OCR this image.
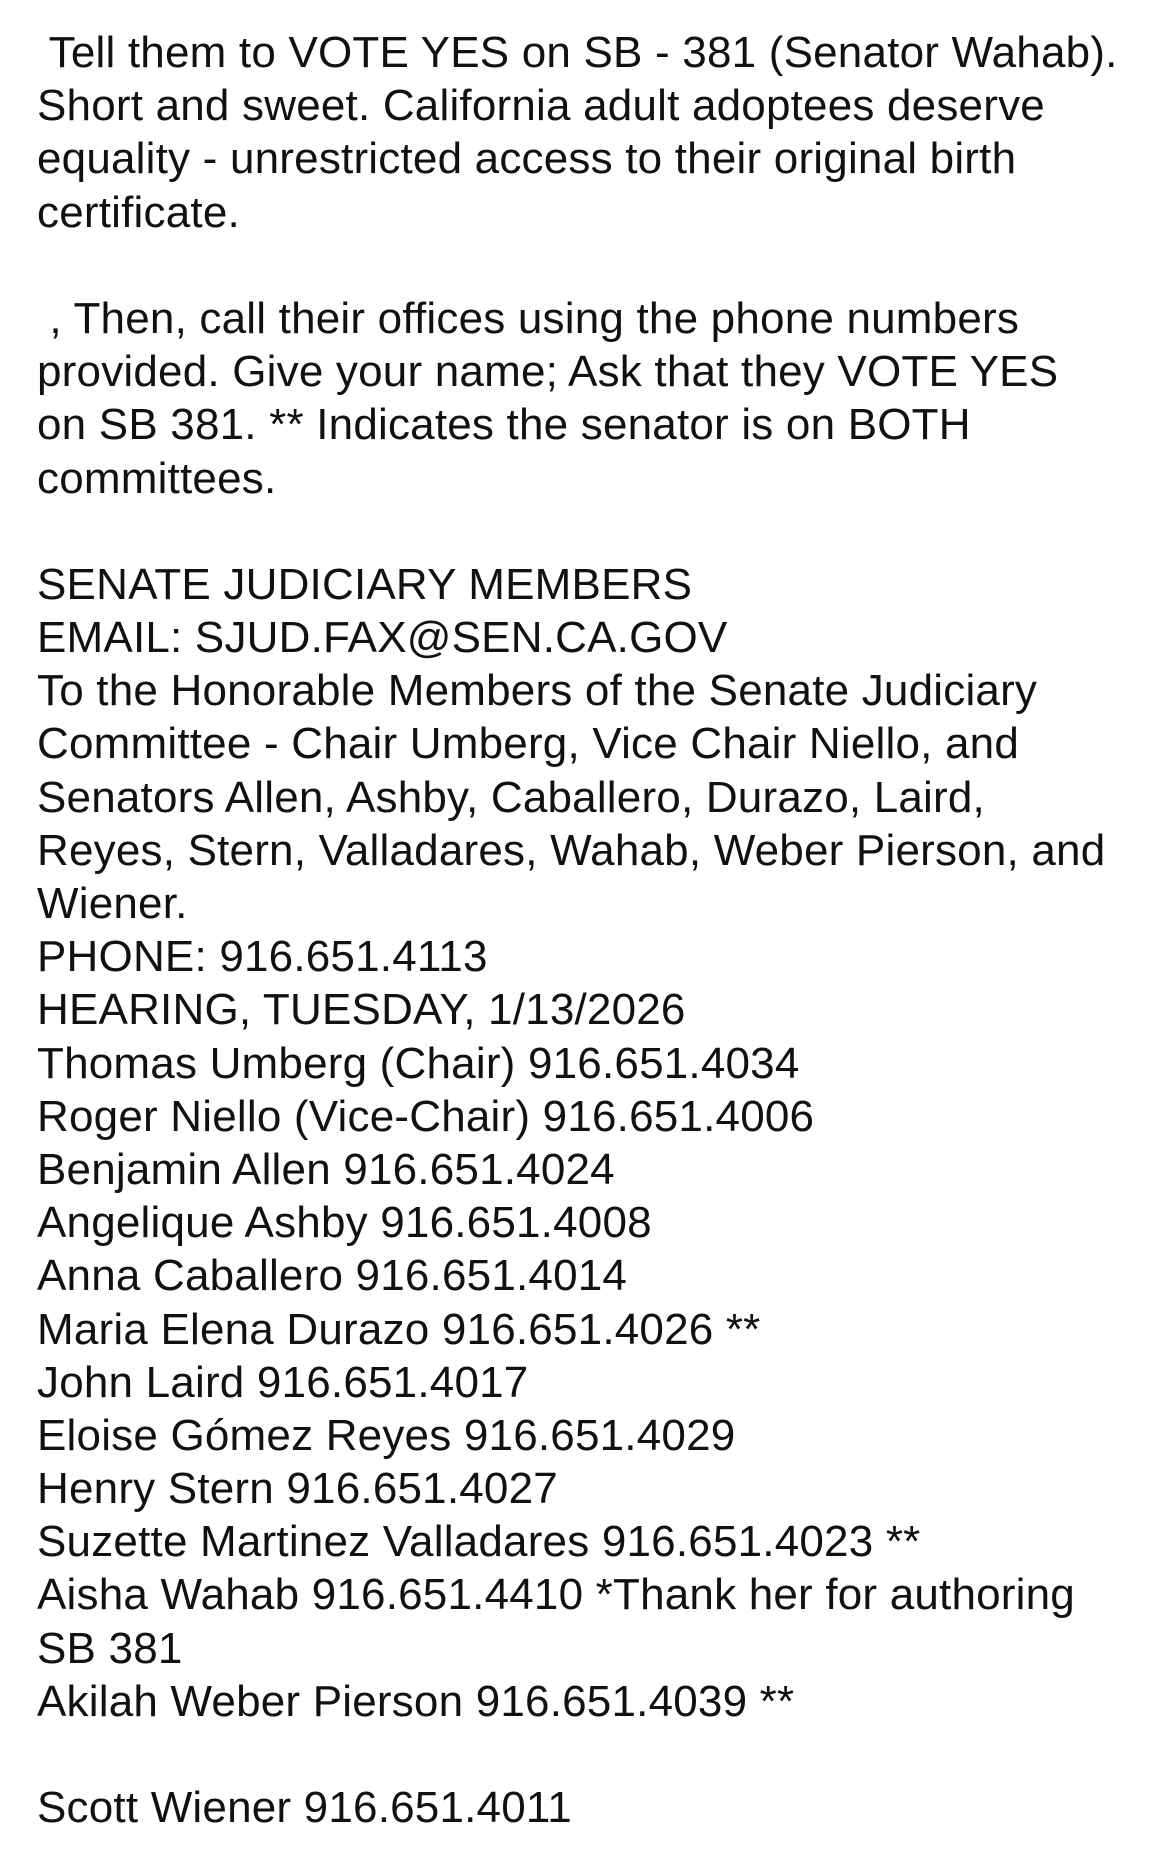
Tell them to VOTE YES on SB - 381 (Senator Wahab).
Short and sweet. California adult adoptees deserve
equality - unrestricted access to their original birth
certificate.
, Then, call their offices using the phone numbers
provided. Give your name; Ask that they VOTE YES
on SB 381. ** Indicates the senator is on BOTH
committees.
SENATE JUDICIARY MEMBERS
EMAIL: SJUD.FAX@SEN.CA.GOV
To the Honorable Members of the Senate Judiciary
Committee - Chair Umberg, Vice Chair Niello, and
Senators Allen, Ashby, Caballero, Durazo, Laird,
Reyes, Stern, Valladares, Wahab, Weber Pierson, and
Wiener.
PHONE: 916.651.4113
HEARING, TUESDAY, 1/13/2026
Thomas Umberg (Chair) 916.651.4034
Roger Niello (Vice-Chair) 916.651.4006
Benjamin Allen 916.651.4024
Angelique Ashby 916.651.4008
Anna Caballero 916.651.4014
Maria Elena Durazo 916.651.4026 **
John Laird 916.651.4017
Eloise Gómez Reyes 916.651.4029
Henry Stern 916.651.4027
Suzette Martinez Valladares 916.651.4023 **
Aisha Wahab 916.651.4410 *Thank her for authoring
SB 381
Akilah Weber Pierson 916.651.4039 **
Scott Wiener 916.651.4011
